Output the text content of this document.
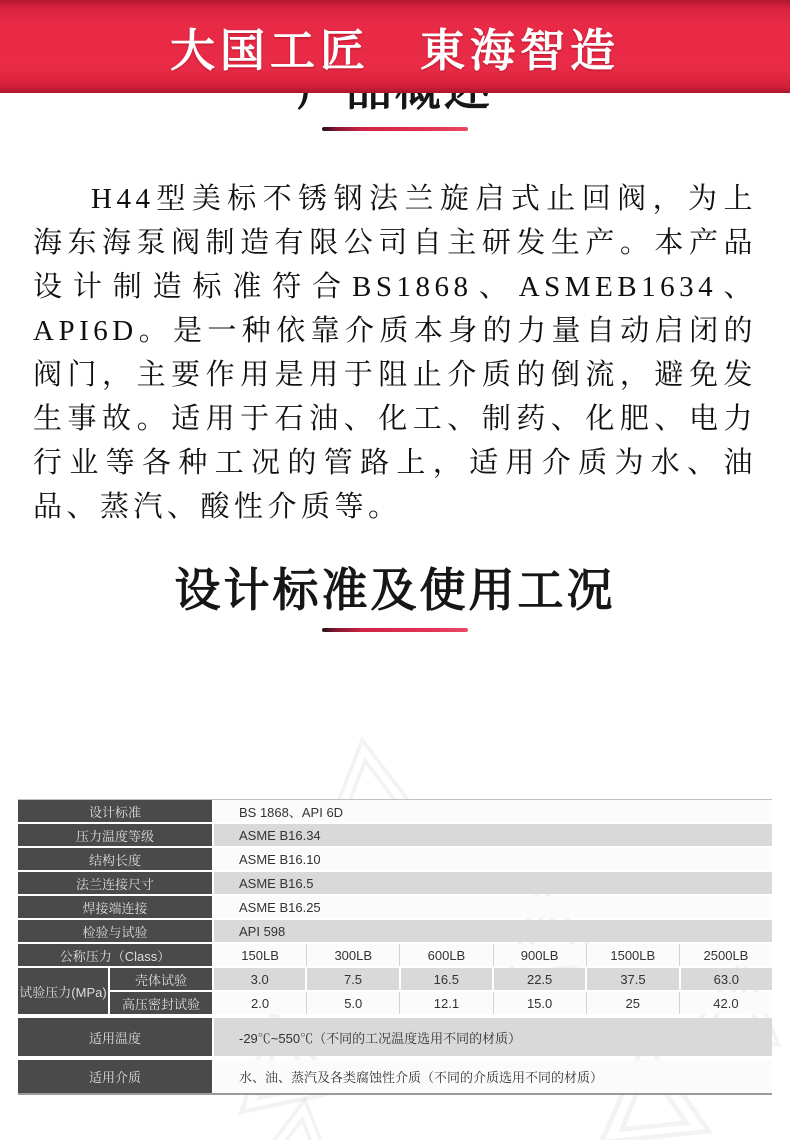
大国工匠　東海智造

H44型美标不锈钢法兰旋启式止回阀，为上海东海泵阀制造有限公司自主研发生产。本产品设计制造标准符合BS1868、ASMEB1634、API6D。是一种依靠介质本身的力量自动启闭的阀门，主要作用是用于阻止介质的倒流，避免发生事故。适用于石油、化工、制药、化肥、电力行业等各种工况的管路上，适用介质为水、油品、蒸汽、酸性介质等。

设计标准及使用工况
设计标准	BS 1868、API 6D
压力温度等级	ASME B16.34
结构长度	ASME B16.10
法兰连接尺寸	ASME B16.5
焊接端连接	ASME B16.25
检验与试验	API 598
公称压力（Class）	150LB	300LB	600LB	900LB	1500LB	2500LB
试验压力(MPa)
壳体试验	3.0	7.5	16.5	22.5	37.5	63.0
高压密封试验	2.0	5.0	12.1	15.0	25	42.0
适用温度	-29℃~550℃（不同的工况温度选用不同的材质）
适用介质	水、油、蒸汽及各类腐蚀性介质（不同的介质选用不同的材质）
